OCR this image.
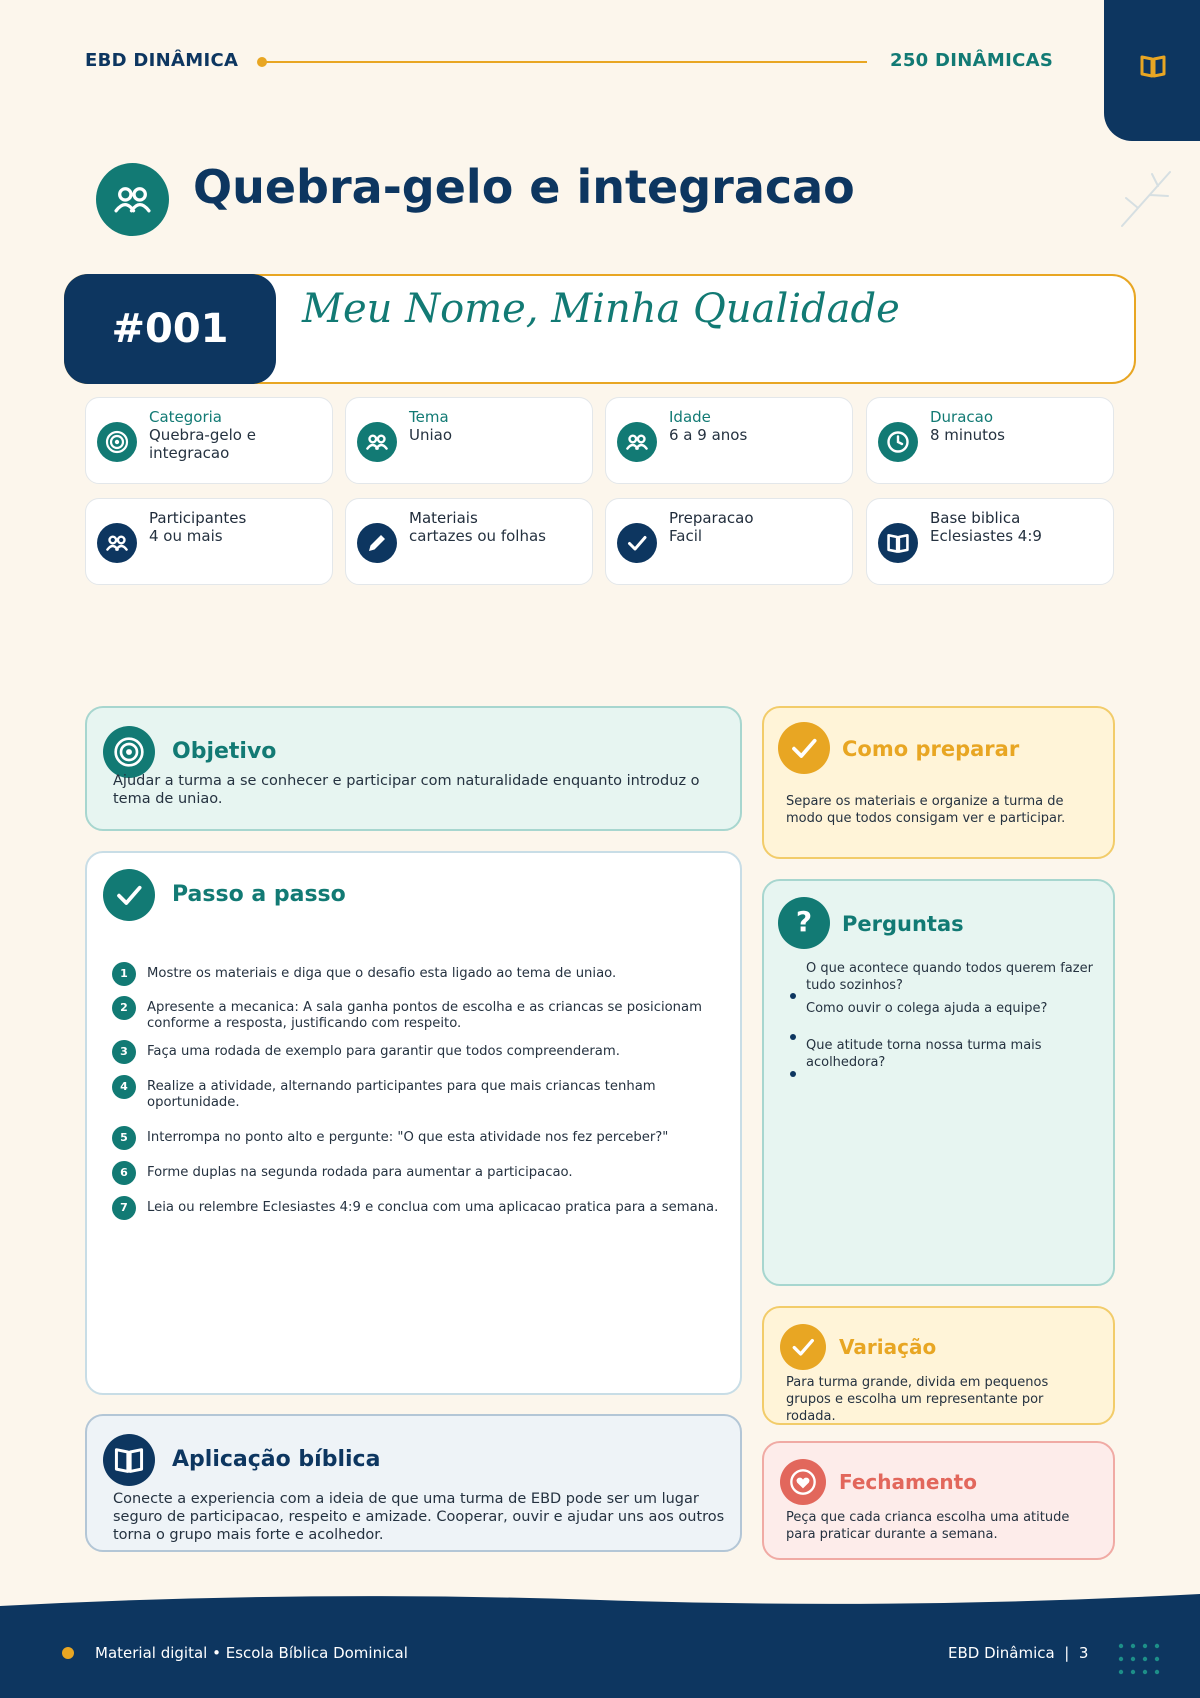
EBD DINÂMICA	250 DINÂMICAS
Quebra-gelo e integracao
#001	Meu Nome, Minha Qualidade
Categoria
Quebra-gelo e integracao
Tema
Uniao
Idade
6 a 9 anos
Duracao
8 minutos
Participantes
4 ou mais
Materiais
cartazes ou folhas
Preparacao
Facil
Base biblica
Eclesiastes 4:9
Objetivo
Ajudar a turma a se conhecer e participar com naturalidade enquanto introduz o tema de uniao.
Passo a passo
1	Mostre os materiais e diga que o desafio esta ligado ao tema de uniao.
2	Apresente a mecanica: A sala ganha pontos de escolha e as criancas se posicionam conforme a resposta, justificando com respeito.
3	Faça uma rodada de exemplo para garantir que todos compreenderam.
4	Realize a atividade, alternando participantes para que mais criancas tenham oportunidade.
5	Interrompa no ponto alto e pergunte: "O que esta atividade nos fez perceber?"
6	Forme duplas na segunda rodada para aumentar a participacao.
7	Leia ou relembre Eclesiastes 4:9 e conclua com uma aplicacao pratica para a semana.
Aplicação bíblica
Conecte a experiencia com a ideia de que uma turma de EBD pode ser um lugar seguro de participacao, respeito e amizade. Cooperar, ouvir e ajudar uns aos outros torna o grupo mais forte e acolhedor.
Como preparar
Separe os materiais e organize a turma de modo que todos consigam ver e participar.
?	Perguntas
O que acontece quando todos querem fazer tudo sozinhos?
Como ouvir o colega ajuda a equipe?
Que atitude torna nossa turma mais acolhedora?
Variação
Para turma grande, divida em pequenos grupos e escolha um representante por rodada.
Fechamento
Peça que cada crianca escolha uma atitude para praticar durante a semana.
Material digital • Escola Bíblica Dominical	EBD Dinâmica  |  3
